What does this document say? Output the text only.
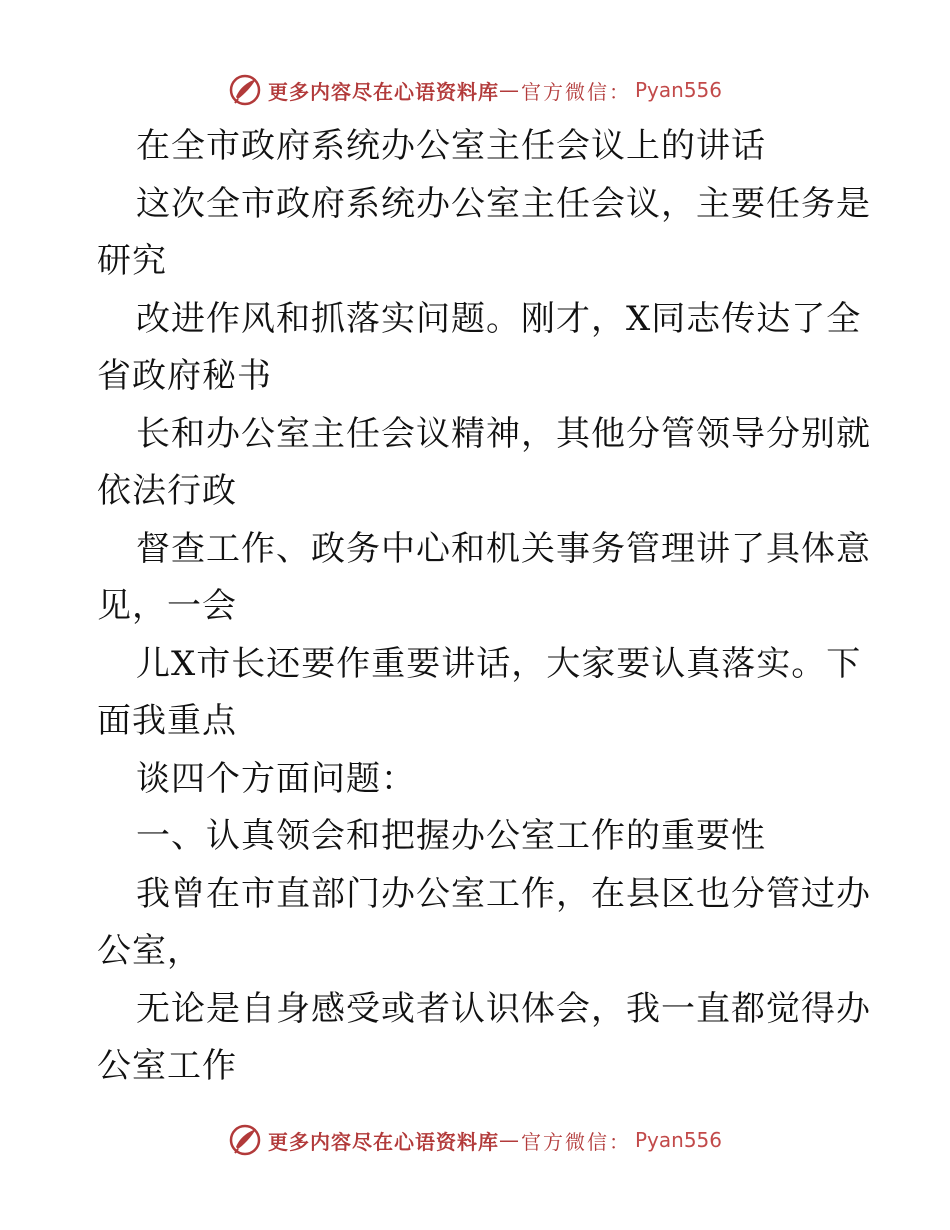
更多内容尽在心语资料库 — 官方微信： Pyan556
在全市政府系统办公室主任会议上的讲话
这次全市政府系统办公室主任会议，主要任务是
研究
改进作风和抓落实问题。刚才，X同志传达了全
省政府秘书
长和办公室主任会议精神，其他分管领导分别就
依法行政
督查工作、政务中心和机关事务管理讲了具体意
见，一会
儿X市长还要作重要讲话，大家要认真落实。下
面我重点
谈四个方面问题：
一、认真领会和把握办公室工作的重要性
我曾在市直部门办公室工作，在县区也分管过办
公室，
无论是自身感受或者认识体会，我一直都觉得办
公室工作
更多内容尽在心语资料库 — 官方微信： Pyan556
